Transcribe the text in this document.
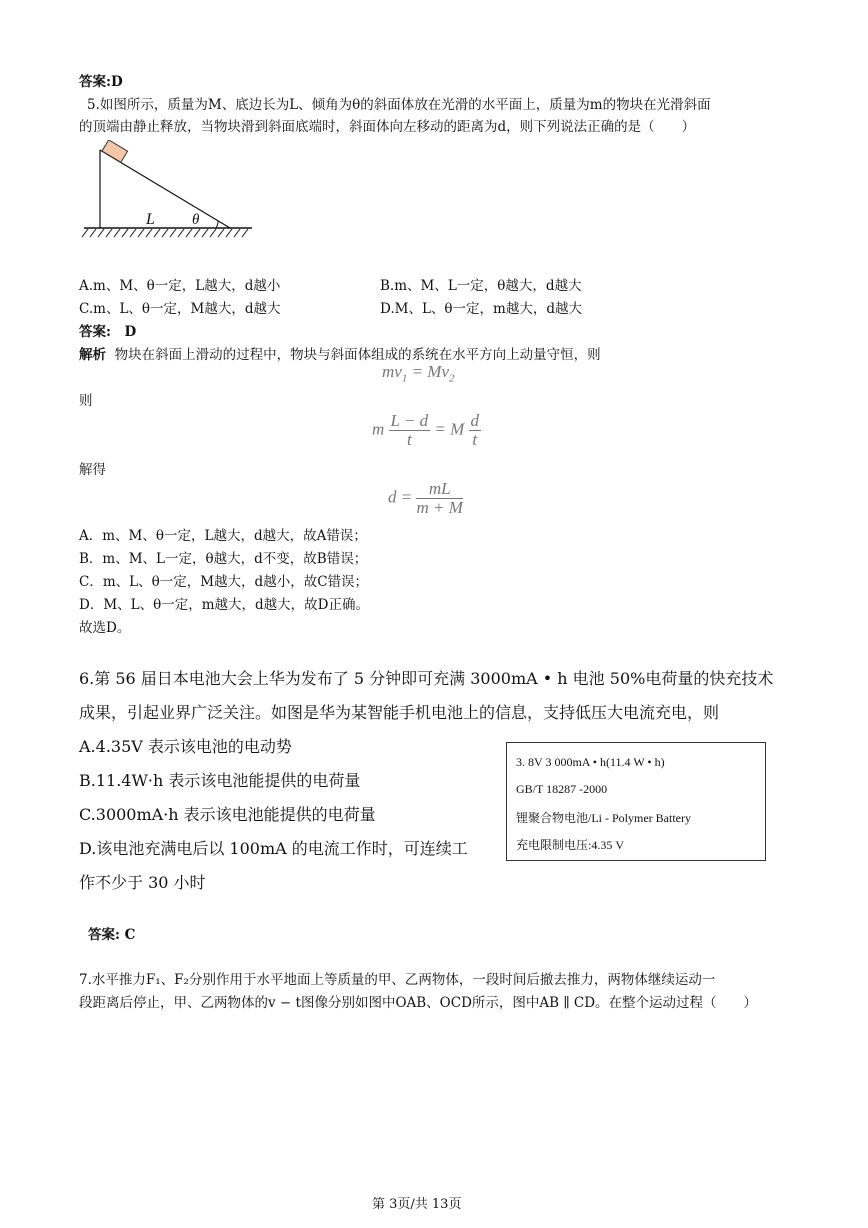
答案:D
5.如图所示，质量为M、底边长为L、倾角为θ的斜面体放在光滑的水平面上，质量为m的物块在光滑斜面
的顶端由静止释放，当物块滑到斜面底端时，斜面体向左移动的距离为d，则下列说法正确的是（　　）
L θ
A.m、M、θ一定，L越大，d越小	B.m、M、L一定，θ越大，d越大
C.m、L、θ一定，M越大，d越大	D.M、L、θ一定，m越大，d越大
答案:　D
解析 物块在斜面上滑动的过程中，物块与斜面体组成的系统在水平方向上动量守恒，则
$mv_1 = Mv_2$
则
m $\frac{L - d}{t} = M \frac{d}{t}$
解得
$d = \frac{mL}{m + M}$
A．m、M、θ一定，L越大，d越大，故A错误；
B．m、M、L一定，θ越大，d不变，故B错误；
C．m、L、θ一定，M越大，d越小，故C错误；
D．M、L、θ一定，m越大，d越大，故D正确。
故选D。
6.第 56 届日本电池大会上华为发布了 5 分钟即可充满 3000mA • h 电池 50%电荷量的快充技术
成果，引起业界广泛关注。如图是华为某智能手机电池上的信息，支持低压大电流充电，则
A.4.35V 表示该电池的电动势
B.11.4W·h 表示该电池能提供的电荷量
C.3000mA·h 表示该电池能提供的电荷量
D.该电池充满电后以 100mA 的电流工作时，可连续工
作不少于 30 小时
3. 8V 3 000mA • h(11.4 W • h)
GB/T 18287 -2000
锂聚合物电池/Li - Polymer Battery
充电限制电压:4.35 V
答案: C
7.水平推力F₁、F₂分别作用于水平地面上等质量的甲、乙两物体，一段时间后撤去推力，两物体继续运动一
段距离后停止，甲、乙两物体的v − t图像分别如图中OAB、OCD所示，图中AB ∥ CD。在整个运动过程（　　）
第 3页/共 13页
